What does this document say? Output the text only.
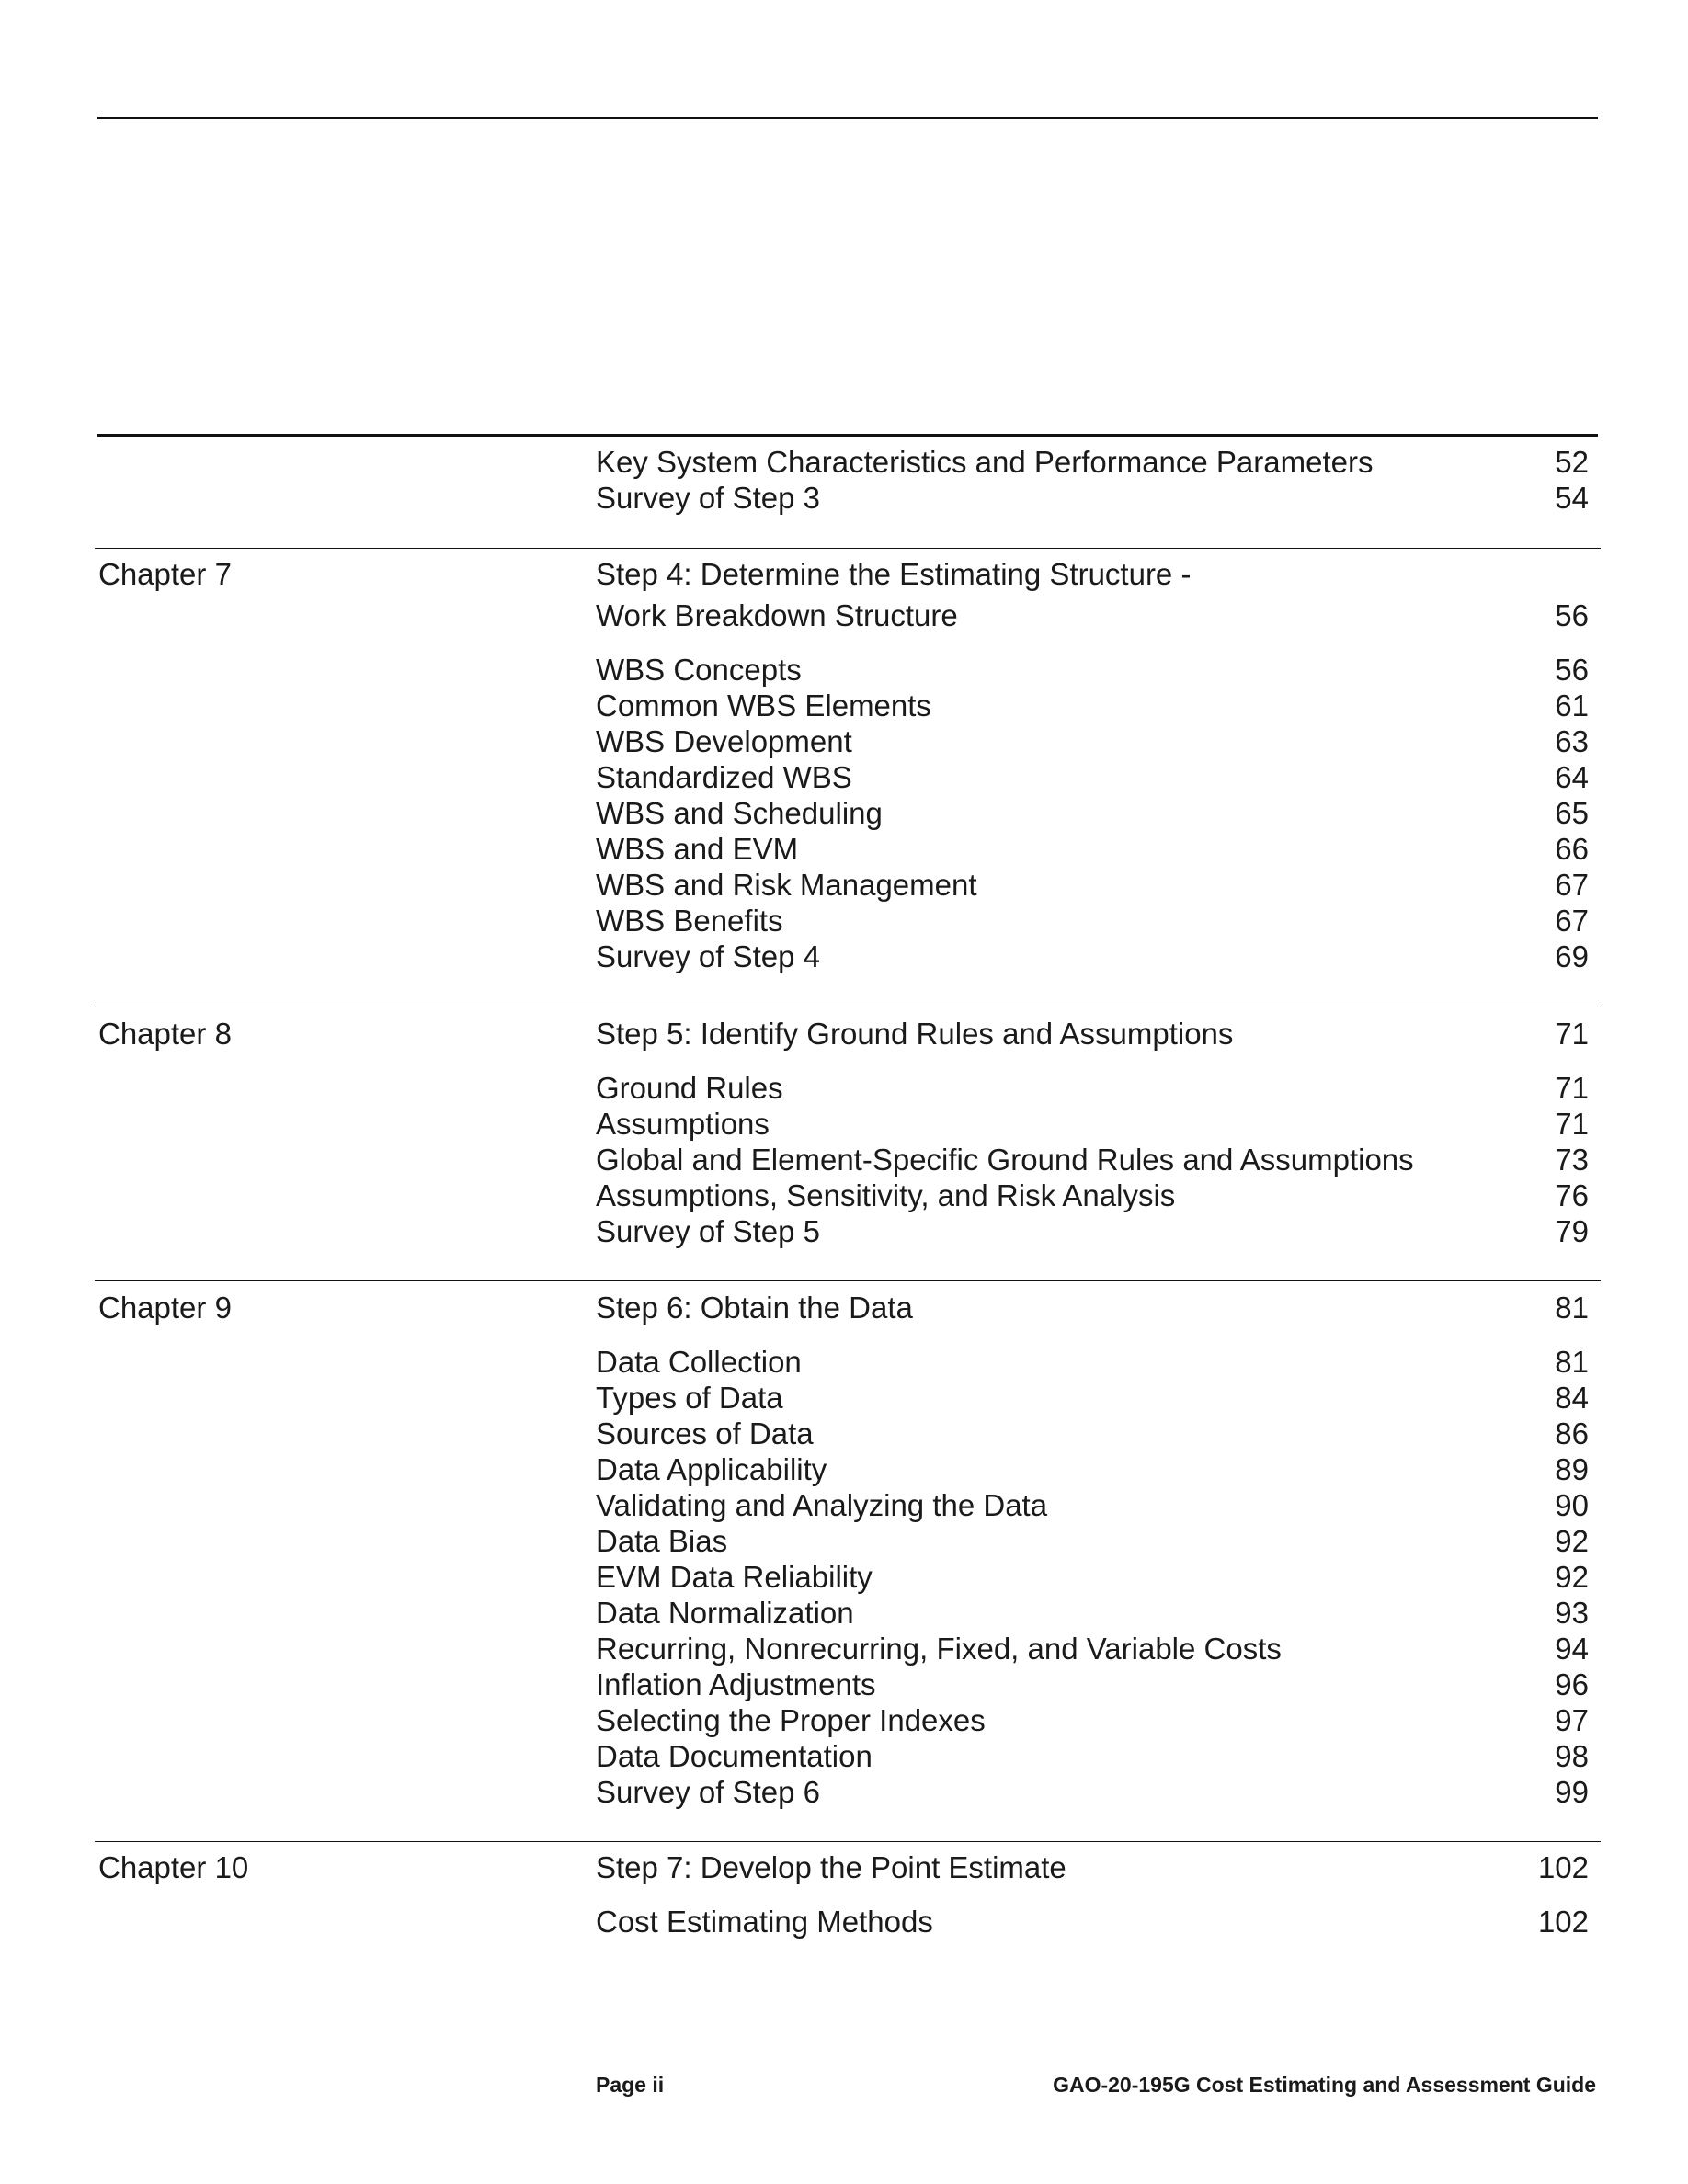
Key System Characteristics and Performance Parameters	52
Survey of Step 3	54
Chapter 7	Step 4: Determine the Estimating Structure -
Work Breakdown Structure	56
WBS Concepts	56
Common WBS Elements	61
WBS Development	63
Standardized WBS	64
WBS and Scheduling	65
WBS and EVM	66
WBS and Risk Management	67
WBS Benefits	67
Survey of Step 4	69
Chapter 8	Step 5: Identify Ground Rules and Assumptions	71
Ground Rules	71
Assumptions	71
Global and Element-Specific Ground Rules and Assumptions	73
Assumptions, Sensitivity, and Risk Analysis	76
Survey of Step 5	79
Chapter 9	Step 6: Obtain the Data	81
Data Collection	81
Types of Data	84
Sources of Data	86
Data Applicability	89
Validating and Analyzing the Data	90
Data Bias	92
EVM Data Reliability	92
Data Normalization	93
Recurring, Nonrecurring, Fixed, and Variable Costs	94
Inflation Adjustments	96
Selecting the Proper Indexes	97
Data Documentation	98
Survey of Step 6	99
Chapter 10	Step 7: Develop the Point Estimate	102
Cost Estimating Methods	102
Page ii	GAO-20-195G Cost Estimating and Assessment Guide
